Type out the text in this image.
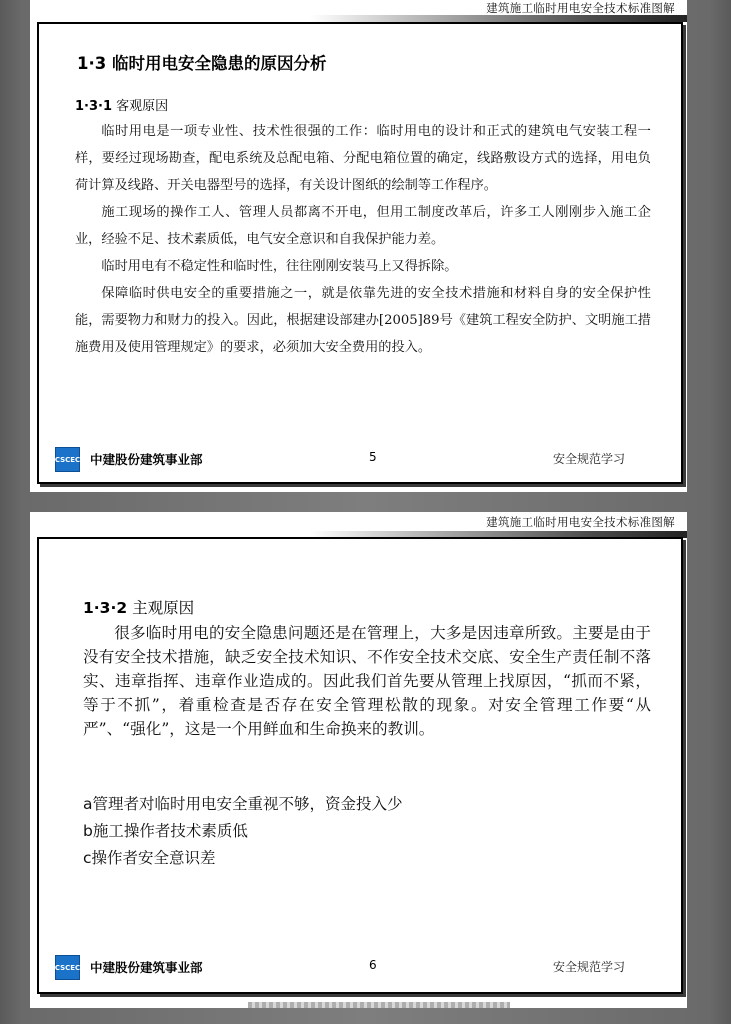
建筑施工临时用电安全技术标准图解
1·3 临时用电安全隐患的原因分析
1·3·1 客观原因

临时用电是一项专业性、技术性很强的工作：临时用电的设计和正式的建筑电气安装工程一样，要经过现场勘查，配电系统及总配电箱、分配电箱位置的确定，线路敷设方式的选择，用电负荷计算及线路、开关电器型号的选择，有关设计图纸的绘制等工作程序。

施工现场的操作工人、管理人员都离不开电，但用工制度改革后，许多工人刚刚步入施工企业，经验不足、技术素质低，电气安全意识和自我保护能力差。

临时用电有不稳定性和临时性，往往刚刚安装马上又得拆除。

保障临时供电安全的重要措施之一，就是依靠先进的安全技术措施和材料自身的安全保护性能，需要物力和财力的投入。因此，根据建设部建办[2005]89号《建筑工程安全防护、文明施工措施费用及使用管理规定》的要求，必须加大安全费用的投入。

CSCEC 中建股份建筑事业部	5	安全规范学习
建筑施工临时用电安全技术标准图解
1·3·2 主观原因

很多临时用电的安全隐患问题还是在管理上，大多是因违章所致。主要是由于没有安全技术措施，缺乏安全技术知识、不作安全技术交底、安全生产责任制不落实、违章指挥、违章作业造成的。因此我们首先要从管理上找原因，“抓而不紧，等于不抓”，着重检查是否存在安全管理松散的现象。对安全管理工作要“从严”、“强化”，这是一个用鲜血和生命换来的教训。

a管理者对临时用电安全重视不够，资金投入少
b施工操作者技术素质低
c操作者安全意识差
CSCEC 中建股份建筑事业部	6	安全规范学习
